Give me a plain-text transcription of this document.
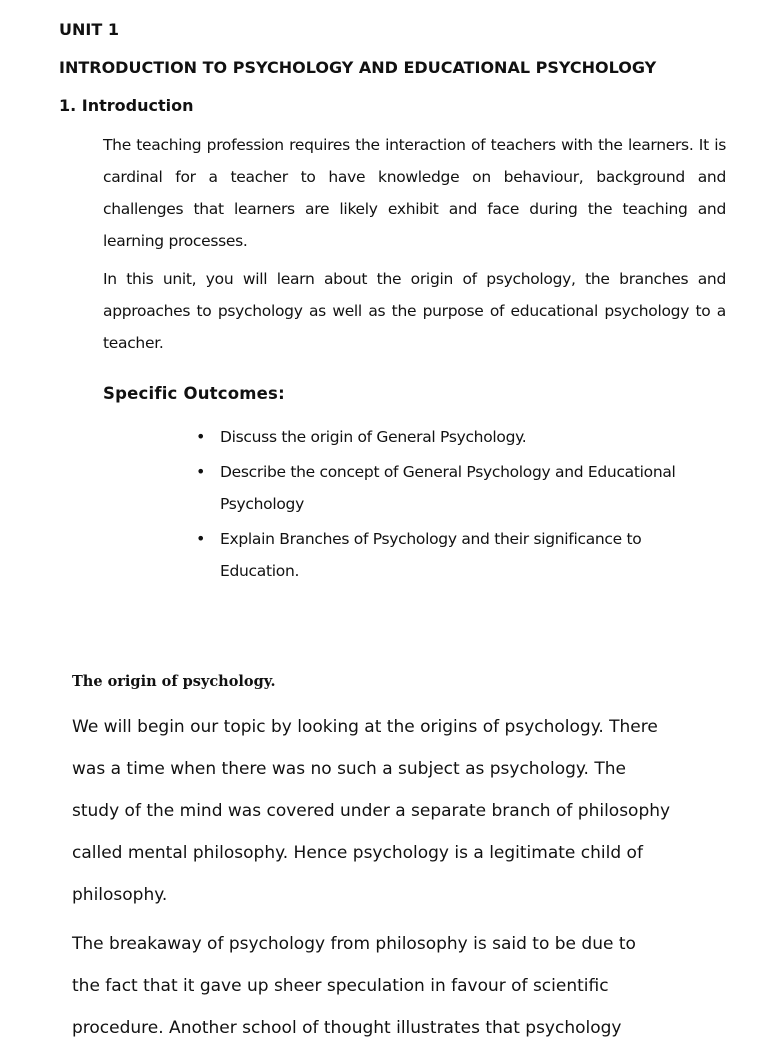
UNIT 1
INTRODUCTION TO PSYCHOLOGY AND EDUCATIONAL PSYCHOLOGY
1. Introduction
The teaching profession requires the interaction of teachers with the learners. It is cardinal for a teacher to have knowledge on behaviour, background and challenges that learners are likely exhibit and face during the teaching and learning processes.
In this unit, you will learn about the origin of psychology, the branches and approaches to psychology as well as the purpose of educational psychology to a teacher.
Specific Outcomes:
• Discuss the origin of General Psychology.
• Describe the concept of General Psychology and Educational Psychology
• Explain Branches of Psychology and their significance to Education.
The origin of psychology.
We will begin our topic by looking at the origins of psychology. There
was a time when there was no such a subject as psychology. The
study of the mind was covered under a separate branch of philosophy
called mental philosophy. Hence psychology is a legitimate child of
philosophy.
The breakaway of psychology from philosophy is said to be due to
the fact that it gave up sheer speculation in favour of scientific
procedure. Another school of thought illustrates that psychology
